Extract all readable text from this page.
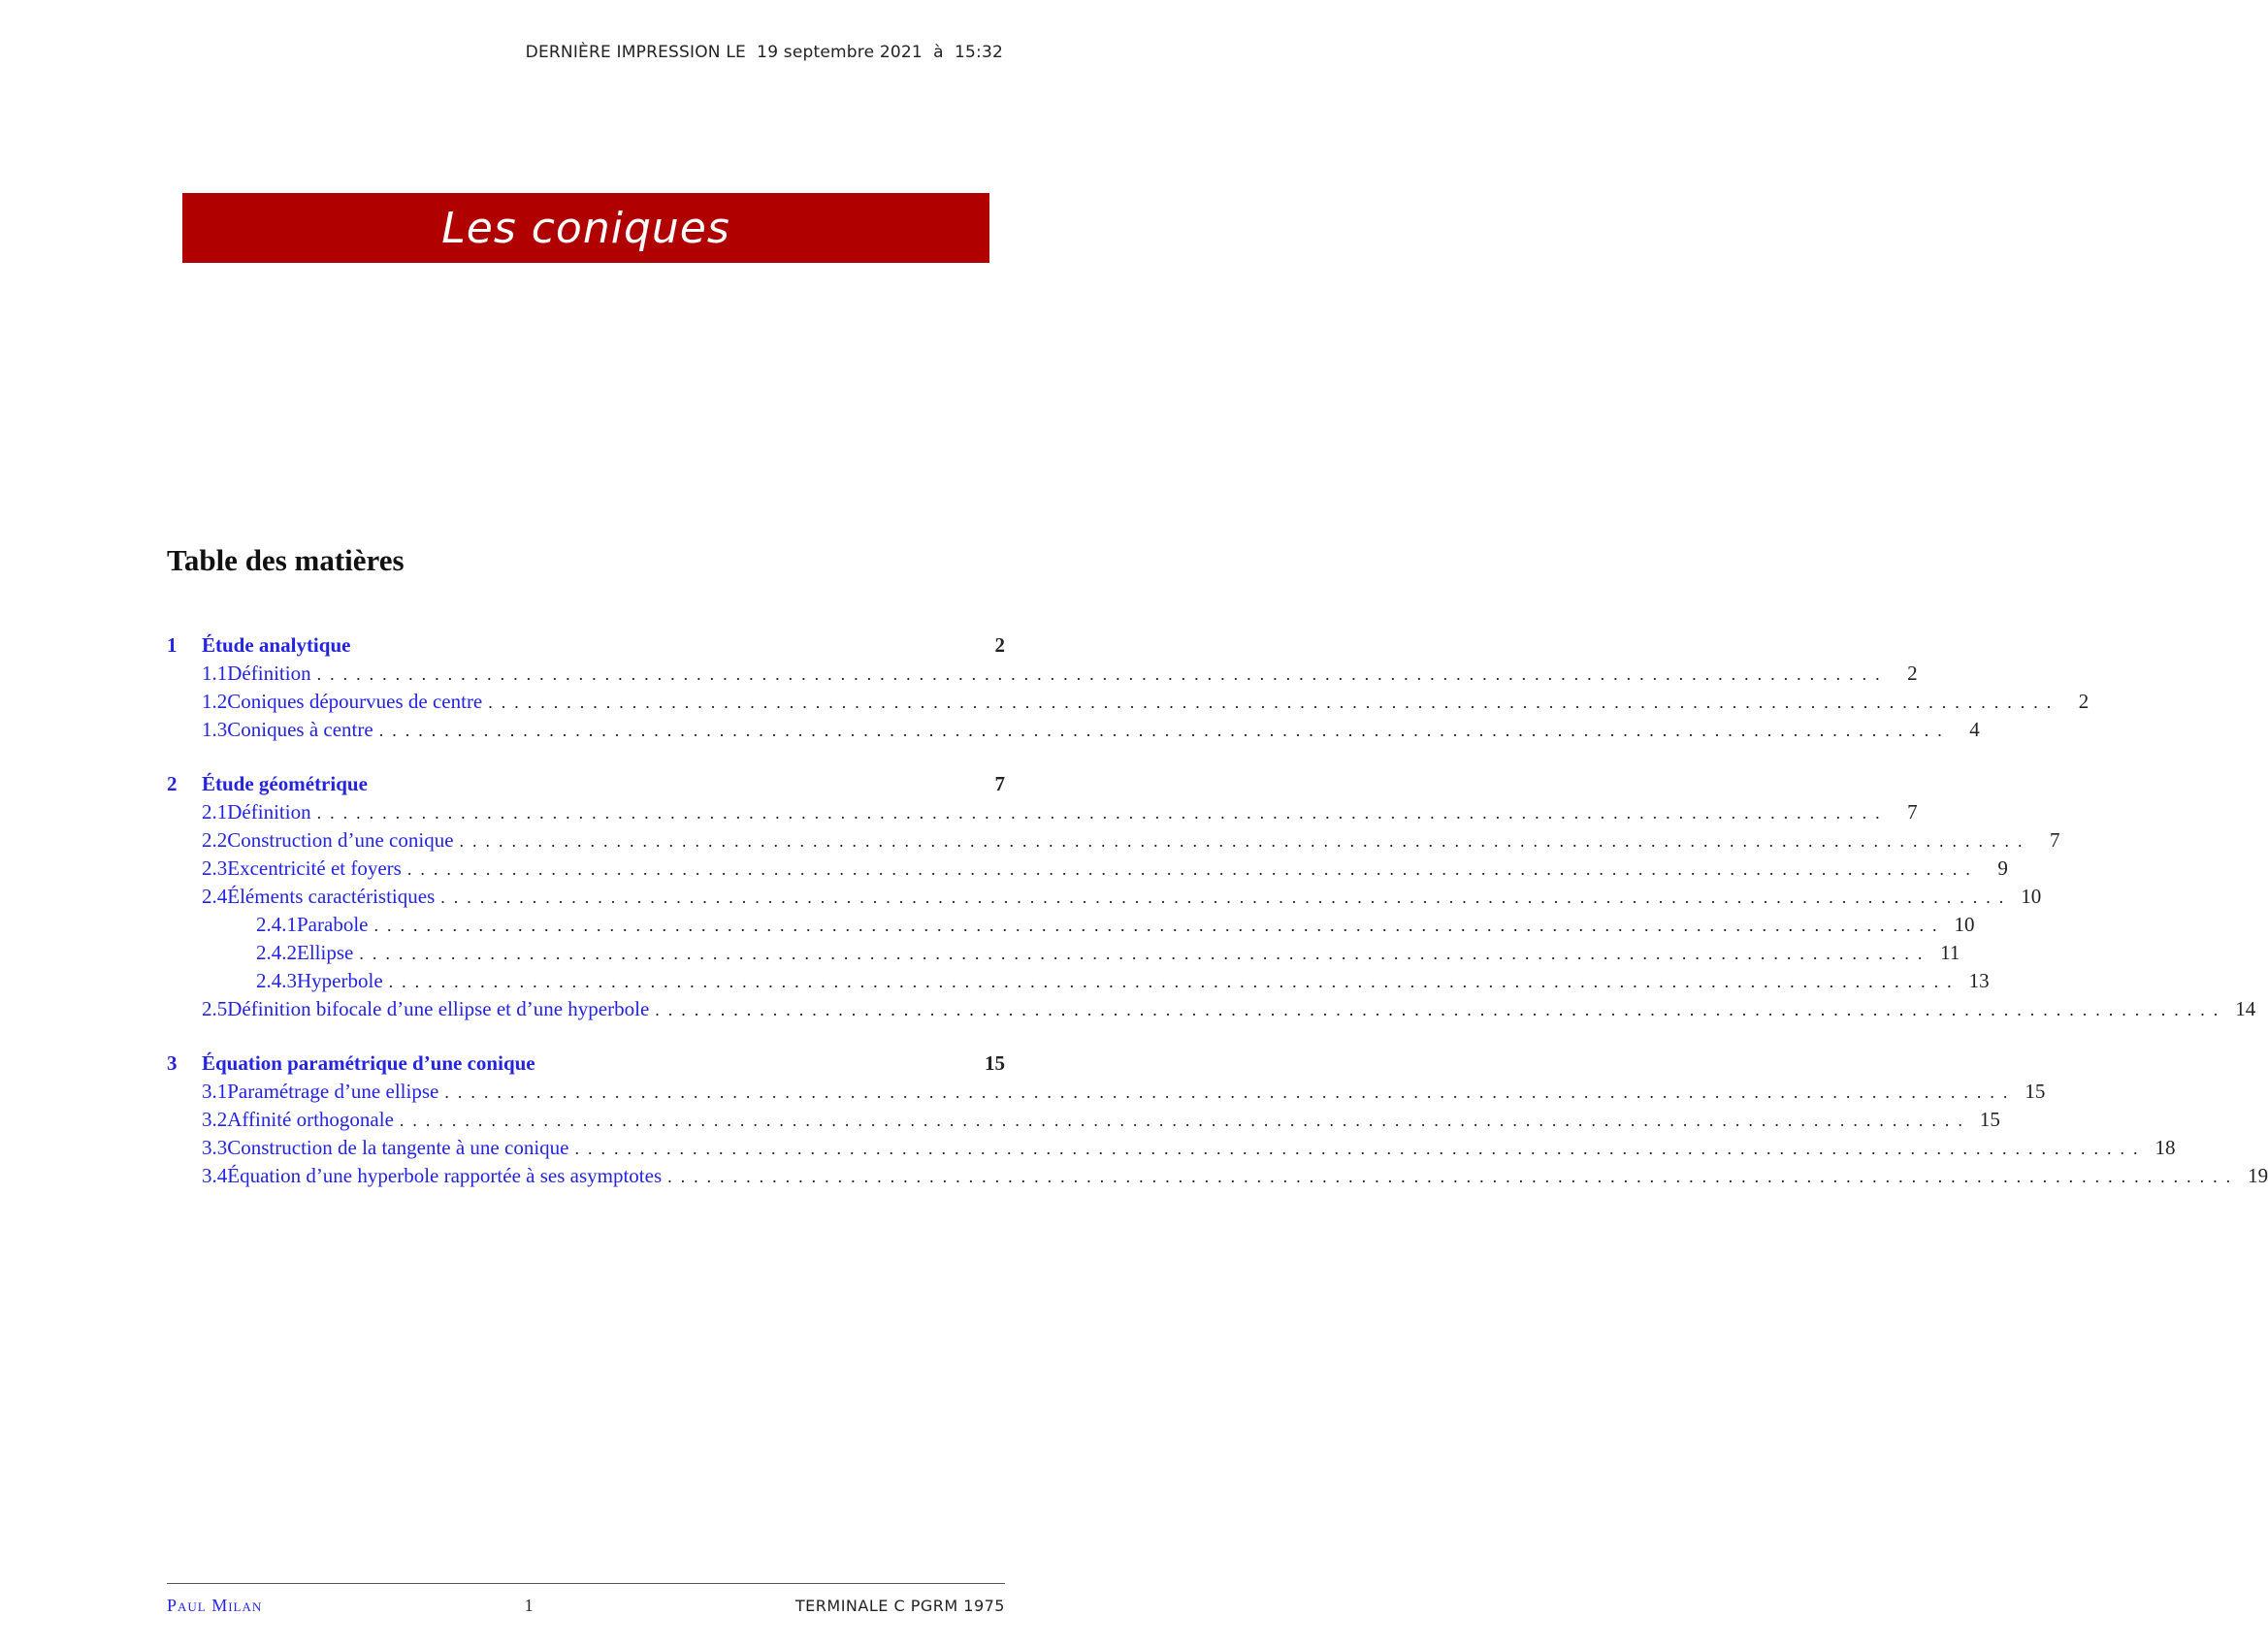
DERNIÈRE IMPRESSION LE 19 septembre 2021 à 15:32
Les coniques
Table des matières
1	Étude analytique	2
1.1 Définition ........................................................................................................................ 2
1.2 Coniques dépourvues de centre ........................................................................................................................ 2
1.3 Coniques à centre ........................................................................................................................ 4
2	Étude géométrique	7
2.1 Définition ........................................................................................................................ 7
2.2 Construction d’une conique ........................................................................................................................ 7
2.3 Excentricité et foyers ........................................................................................................................ 9
2.4 Éléments caractéristiques ........................................................................................................................ 10
2.4.1 Parabole ........................................................................................................................ 10
2.4.2 Ellipse ........................................................................................................................ 11
2.4.3 Hyperbole ........................................................................................................................ 13
2.5 Définition bifocale d’une ellipse et d’une hyperbole ........................................................................................................................ 14
3	Équation paramétrique d’une conique	15
3.1 Paramétrage d’une ellipse ........................................................................................................................ 15
3.2 Affinité orthogonale ........................................................................................................................ 15
3.3 Construction de la tangente à une conique ........................................................................................................................ 18
3.4 Équation d’une hyperbole rapportée à ses asymptotes ........................................................................................................................ 19
Paul Milan	1	TERMINALE C PGRM 1975
